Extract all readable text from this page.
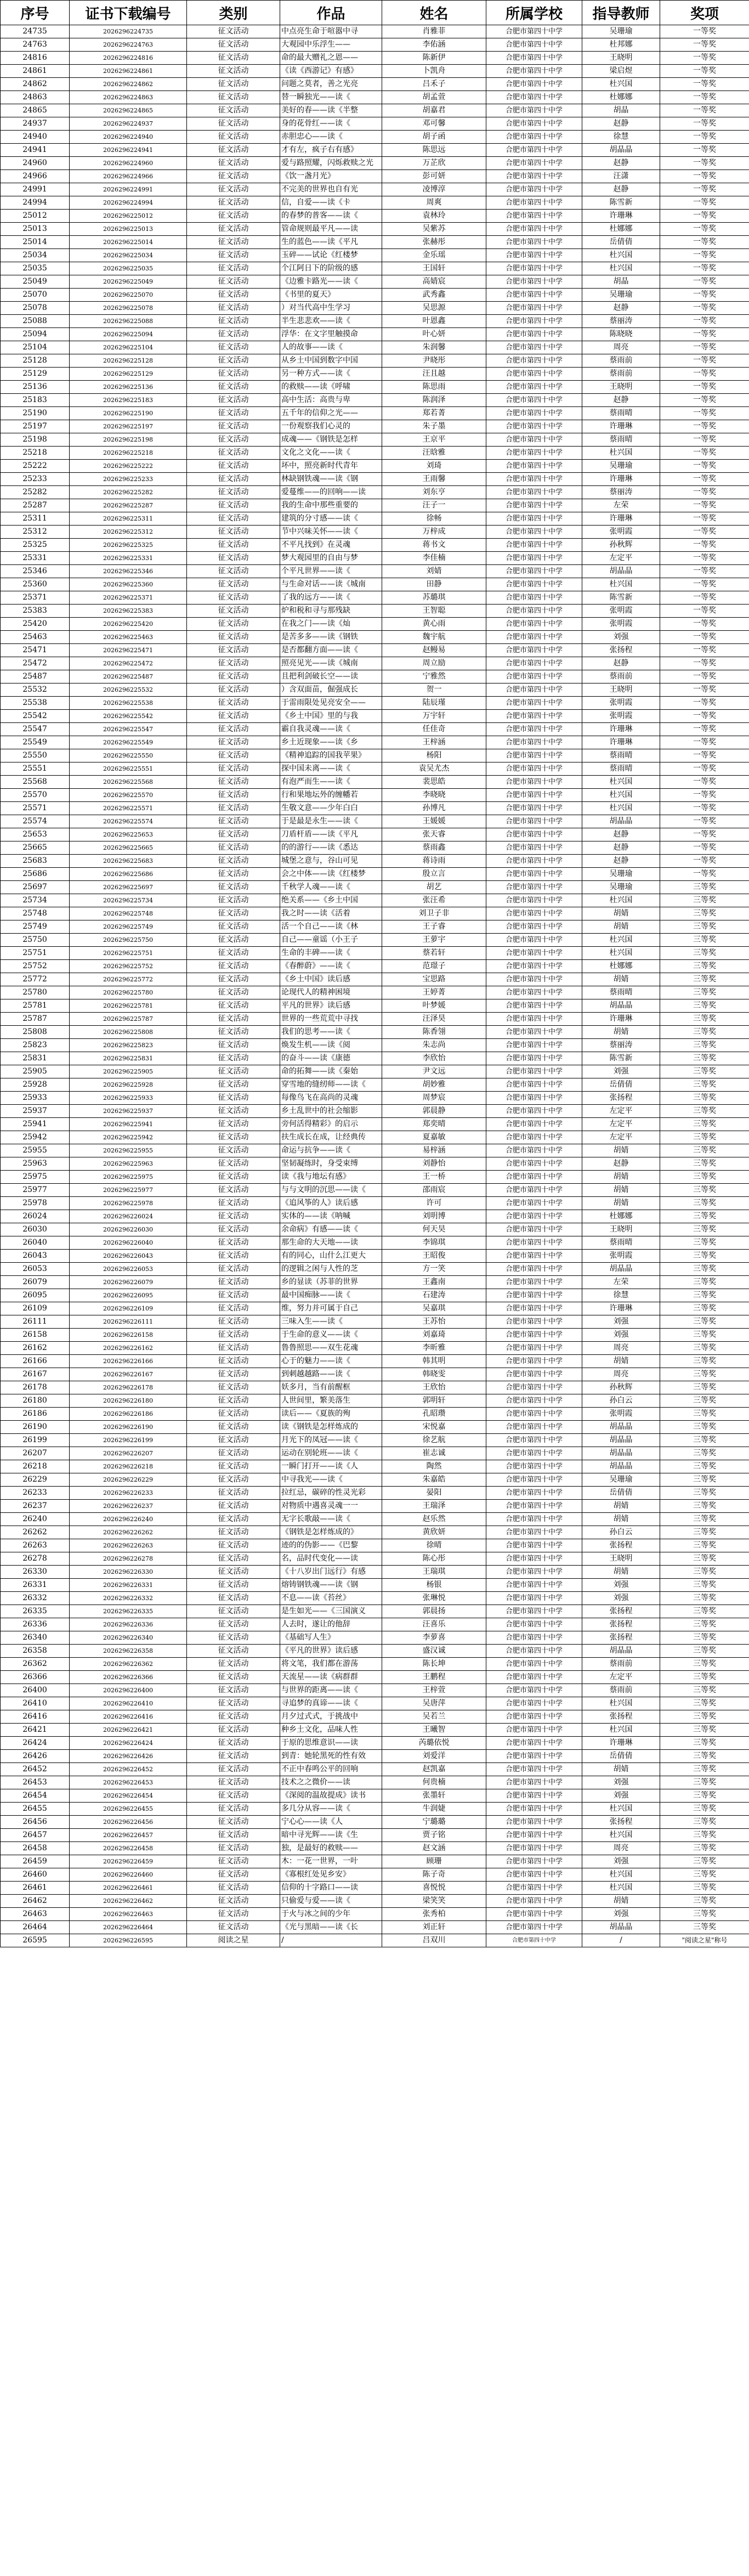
序号	证书下载编号	类别	作品	姓名	所属学校	指导教师	奖项
24735	2026296224735	征文活动	中点亮生命于喧嚣中寻	肖雅菲	合肥市第四十中学	吴珊瑜	一等奖
24763	2026296224763	征文活动	大观园中乐浮生——	李佑涵	合肥市第四十中学	杜邦娜	一等奖
24816	2026296224816	征文活动	命的最大赠礼之恩——	陈新伊	合肥市第四十中学	王晓明	一等奖
24861	2026296224861	征文活动	《读《西游记》有感》	卜凯舟	合肥市第四十中学	梁启煜	一等奖
24862	2026296224862	征文活动	问题之莫者，善之光亮	吕禾子	合肥市第四十中学	杜兴国	一等奖
24863	2026296224863	征文活动	替一瞬独光——读《	胡孟萱	合肥市第四十中学	杜娜娜	一等奖
24865	2026296224865	征文活动	美好的春——读《半整	胡嘉君	合肥市第四十中学	胡晶	一等奖
24937	2026296224937	征文活动	身的花骨红——读《	邓可馨	合肥市第四十中学	赵静	一等奖
24940	2026296224940	征文活动	赤胆忠心——读《	胡子函	合肥市第四十中学	徐慧	一等奖
24941	2026296224941	征文活动	才有左，疯子右有感》	陈思远	合肥市第四十中学	胡晶晶	一等奖
24960	2026296224960	征文活动	爱与路照耀，闪烁救赎之光	万芷欣	合肥市第四十中学	赵静	一等奖
24966	2026296224966	征文活动	《饮一盏月光》	彭可妍	合肥市第四十中学	汪潇	一等奖
24991	2026296224991	征文活动	不完美的世界也自有光	凌博淳	合肥市第四十中学	赵静	一等奖
24994	2026296224994	征文活动	信，自爱——读《卡	周爽	合肥市第四十中学	陈雪新	一等奖
25012	2026296225012	征文活动	的春梦的普客——读《	袁林玲	合肥市第四十中学	许珊琳	一等奖
25013	2026296225013	征文活动	管命规则最平凡——读	吴紫苏	合肥市第四十中学	杜娜娜	一等奖
25014	2026296225014	征文活动	生的蓝色——读《平凡	张赫彤	合肥市第四十中学	岳倩倩	一等奖
25034	2026296225034	征文活动	玉碎——试论《红楼梦	金乐瑶	合肥市第四十中学	杜兴国	一等奖
25035	2026296225035	征文活动	个江阿日下的阶级的感	王国轩	合肥市第四十中学	杜兴国	一等奖
25049	2026296225049	征文活动	《边雅卡路光——读《	高婧宸	合肥市第四十中学	胡晶	一等奖
25070	2026296225070	征文活动	《书里的夏天》	武秀鑫	合肥市第四十中学	吴珊瑜	一等奖
25078	2026296225078	征文活动	）对当代高中生学习	吴思源	合肥市第四十中学	赵静	一等奖
25088	2026296225088	征文活动	半生悲悲欢——读《	叶恩鑫	合肥市第四十中学	蔡丽涛	一等奖
25094	2026296225094	征文活动	浮华：在文字里触摸命	叶心妍	合肥市第四十中学	陈晓晓	一等奖
25104	2026296225104	征文活动	人的故事——读《	朱润馨	合肥市第四十中学	周亮	一等奖
25128	2026296225128	征文活动	从乡土中国到数字中国	尹晓彤	合肥市第四十中学	蔡雨前	一等奖
25129	2026296225129	征文活动	另一种方式——读《	汪且越	合肥市第四十中学	蔡雨前	一等奖
25136	2026296225136	征文活动	的救赎——读《呼啸	陈思雨	合肥市第四十中学	王晓明	一等奖
25183	2026296225183	征文活动	高中生活：高贵与卑	陈润泽	合肥市第四十中学	赵静	一等奖
25190	2026296225190	征文活动	五千年的信仰之光——	郑若菁	合肥市第四十中学	蔡雨晴	一等奖
25197	2026296225197	征文活动	一份观察我们心灵的	朱子墨	合肥市第四十中学	许珊琳	一等奖
25198	2026296225198	征文活动	成魂——《钢铁是怎样	王京平	合肥市第四十中学	蔡雨晴	一等奖
25218	2026296225218	征文活动	文化之文化——读《	汪晗雅	合肥市第四十中学	杜兴国	一等奖
25222	2026296225222	征文活动	坏中，照亮新时代青年	刘琦	合肥市第四十中学	吴珊瑜	一等奖
25233	2026296225233	征文活动	林缺钢铁魂——读《钢	王雨馨	合肥市第四十中学	许珊琳	一等奖
25282	2026296225282	征文活动	爱蔓维——的回响——读	刘东亨	合肥市第四十中学	蔡丽涛	一等奖
25287	2026296225287	征文活动	我的生命中那些重要的	汪子一	合肥市第四十中学	左荣	一等奖
25311	2026296225311	征文活动	建筑的分寸感——读《	徐畅	合肥市第四十中学	许珊琳	一等奖
25312	2026296225312	征文活动	节中兴味关怀——读《	万梓成	合肥市第四十中学	张明霞	一等奖
25325	2026296225325	征文活动	不平凡找到》在灵魂	蒋书文	合肥市第四十中学	孙秋辉	一等奖
25331	2026296225331	征文活动	梦大观园里的自由与梦	李佳楠	合肥市第四十中学	左定平	一等奖
25346	2026296225346	征文活动	个平凡世界——读《	刘婧	合肥市第四十中学	胡晶晶	一等奖
25360	2026296225360	征文活动	与生命对话——读《城南	田静	合肥市第四十中学	杜兴国	一等奖
25371	2026296225371	征文活动	了我的远方——读《	苏璐琪	合肥市第四十中学	陈雪新	一等奖
25383	2026296225383	征文活动	炉和税和寻与那残缺	王智聪	合肥市第四十中学	张明霞	一等奖
25420	2026296225420	征文活动	在我之门——读《灿	黄心雨	合肥市第四十中学	张明霞	一等奖
25463	2026296225463	征文活动	是苦多多——读《钢铁	魏宇航	合肥市第四十中学	刘强	一等奖
25471	2026296225471	征文活动	是否都翻方面——读《	赵鳗易	合肥市第四十中学	张扬程	一等奖
25472	2026296225472	征文活动	照亮见光——读《城南	周立励	合肥市第四十中学	赵静	一等奖
25487	2026296225487	征文活动	且把利剑破长空——读	宁雅然	合肥市第四十中学	蔡雨前	一等奖
25532	2026296225532	征文活动	）含双面苗，倔强成长	贺一	合肥市第四十中学	王晓明	一等奖
25538	2026296225538	征文活动	于雷雨限处见亮安全——	陆辰瑾	合肥市第四十中学	张明霞	一等奖
25542	2026296225542	征文活动	《乡土中国》里的与我	万宇轩	合肥市第四十中学	张明霞	一等奖
25547	2026296225547	征文活动	霸自我灵魂——读《	任佳奇	合肥市第四十中学	许珊琳	一等奖
25549	2026296225549	征文活动	乡土近现象——读《乡	王梓涵	合肥市第四十中学	许珊琳	一等奖
25550	2026296225550	征文活动	《精神追踪的国我苹果》	杨阳	合肥市第四十中学	蔡雨晴	一等奖
25551	2026296225551	征文活动	探中国未离——读《	袁吴尤杰	合肥市第四十中学	蔡雨晴	一等奖
25568	2026296225568	征文活动	有泡严而生——读《	裴思皓	合肥市第四十中学	杜兴国	一等奖
25570	2026296225570	征文活动	行和果地坛外的缠幡若	李晓晓	合肥市第四十中学	杜兴国	一等奖
25571	2026296225571	征文活动	生敬文意——少年白白	孙博凡	合肥市第四十中学	杜兴国	一等奖
25574	2026296225574	征文活动	于是最是永生——读《	王媛媛	合肥市第四十中学	胡晶晶	一等奖
25653	2026296225653	征文活动	刀盾杆盾——读《平凡	张天睿	合肥市第四十中学	赵静	一等奖
25665	2026296225665	征文活动	的的游行——读《悉达	蔡雨鑫	合肥市第四十中学	赵静	一等奖
25683	2026296225683	征文活动	城堡之意与，谷山可见	蒋诗雨	合肥市第四十中学	赵静	一等奖
25686	2026296225686	征文活动	会之中体——读《红楼梦	殷立言	合肥市第四十中学	吴珊瑜	一等奖
25697	2026296225697	征文活动	千秋学人魂——读《	胡艺	合肥市第四十中学	吴珊瑜	三等奖
25734	2026296225734	征文活动	绝关系——《乡土中国	张汪希	合肥市第四十中学	杜兴国	三等奖
25748	2026296225748	征文活动	我之时——读《活着	刘卫子非	合肥市第四十中学	胡婧	三等奖
25749	2026296225749	征文活动	活一个自己——读《林	王子睿	合肥市第四十中学	胡婧	三等奖
25750	2026296225750	征文活动	自己——童谣（小王子	王萝宇	合肥市第四十中学	杜兴国	三等奖
25751	2026296225751	征文活动	生命的丰碑——读《	蔡若轩	合肥市第四十中学	杜兴国	三等奖
25752	2026296225752	征文活动	《春醉蔚》——读《	范璟子	合肥市第四十中学	杜娜娜	三等奖
25772	2026296225772	征文活动	《乡土中国》读后感	宝思路	合肥市第四十中学	胡婧	三等奖
25780	2026296225780	征文活动	论现代人的精神困境	王婷菁	合肥市第四十中学	蔡雨晴	三等奖
25781	2026296225781	征文活动	平凡的世界》读后感	叶梦媛	合肥市第四十中学	胡晶晶	三等奖
25787	2026296225787	征文活动	世界的一些荒荒中寻找	汪泽昊	合肥市第四十中学	许珊琳	三等奖
25808	2026296225808	征文活动	我们的思考——读《	陈香翎	合肥市第四十中学	胡婧	三等奖
25823	2026296225823	征文活动	焕发生机——读《阅	朱志尚	合肥市第四十中学	蔡丽涛	三等奖
25831	2026296225831	征文活动	的奋斗——读《康德	李欣怡	合肥市第四十中学	陈雪新	三等奖
25905	2026296225905	征文活动	命的拓舞——读《秦始	尹文远	合肥市第四十中学	刘强	三等奖
25928	2026296225928	征文活动	穿雪地的缝纫师——读《	胡妙雅	合肥市第四十中学	岳倩倩	三等奖
25933	2026296225933	征文活动	每像鸟飞在高尚的灵魂	周梦宸	合肥市第四十中学	张扬程	三等奖
25937	2026296225937	征文活动	乡土乱世中的社会缩影	郭晨静	合肥市第四十中学	左定平	三等奖
25941	2026296225941	征文活动	旁何活得精彩》的启示	郑奕晴	合肥市第四十中学	左定平	三等奖
25942	2026296225942	征文活动	扶生成长在成，让经典传	夏嘉敏	合肥市第四十中学	左定平	三等奖
25955	2026296225955	征文活动	命运与抗争——读《	易梓涵	合肥市第四十中学	胡婧	三等奖
25963	2026296225963	征文活动	坚韧凝练时，身受束缚	刘静怡	合肥市第四十中学	赵静	三等奖
25975	2026296225975	征文活动	读《我与地坛有感》	王一桥	合肥市第四十中学	胡婧	三等奖
25977	2026296225977	征文活动	与与文明的沉思——读《	邵雨宸	合肥市第四十中学	胡婧	三等奖
25978	2026296225978	征文活动	《追风筝的人》读后感	许可	合肥市第四十中学	胡婧	三等奖
26024	2026296226024	征文活动	实体的——读《呐喊	刘明博	合肥市第四十中学	杜娜娜	三等奖
26030	2026296226030	征文活动	余命病》有感——读《	何天昊	合肥市第四十中学	王晓明	三等奖
26040	2026296226040	征文活动	那生命的大天地——读	李锦琪	合肥市第四十中学	蔡雨晴	三等奖
26043	2026296226043	征文活动	有的同心，山什么江更大	王昭俊	合肥市第四十中学	张明霞	三等奖
26053	2026296226053	征文活动	的逻辑之闲与人性的芝	方一笑	合肥市第四十中学	胡晶晶	三等奖
26079	2026296226079	征文活动	乡的显读（苏菲的世界	王鑫南	合肥市第四十中学	左荣	三等奖
26095	2026296226095	征文活动	最中国痴脉——读《	石建涛	合肥市第四十中学	徐慧	三等奖
26109	2026296226109	征文活动	维，努力并可属于自己	吴嘉琪	合肥市第四十中学	许珊琳	三等奖
26111	2026296226111	征文活动	三味入生——读《	王苏怡	合肥市第四十中学	刘强	三等奖
26158	2026296226158	征文活动	于生命的意义——读《	刘嘉琦	合肥市第四十中学	刘强	三等奖
26162	2026296226162	征文活动	鲁鲁照思——双生花魂	李昕雅	合肥市第四十中学	周亮	三等奖
26166	2026296226166	征文活动	心于的魅力——读《	韩其明	合肥市第四十中学	胡婧	三等奖
26167	2026296226167	征文活动	到刺越越路——读《	韩晓雯	合肥市第四十中学	周亮	三等奖
26178	2026296226178	征文活动	妖多月，当有前醒框	王欣怡	合肥市第四十中学	孙秋辉	三等奖
26180	2026296226180	征文活动	人世间里，繁美落生	郭明轩	合肥市第四十中学	孙白云	三等奖
26186	2026296226186	征文活动	读后——《夏族的殉	孔昭瓒	合肥市第四十中学	张明霞	三等奖
26190	2026296226190	征文活动	读《钢铁是怎样炼成的	宋悦嘉	合肥市第四十中学	胡晶晶	三等奖
26199	2026296226199	征文活动	月光下的凤冠——读《	徐艺航	合肥市第四十中学	胡晶晶	三等奖
26207	2026296226207	征文活动	运动在别轮班——读《	崔志诚	合肥市第四十中学	胡晶晶	三等奖
26218	2026296226218	征文活动	一瞬门打开——读《人	陶然	合肥市第四十中学	胡晶晶	三等奖
26229	2026296226229	征文活动	中寻我光——读《	朱嘉皓	合肥市第四十中学	吴珊瑜	三等奖
26233	2026296226233	征文活动	拉红忌，碳碎的性灵光彩	晏阳	合肥市第四十中学	岳倩倩	三等奖
26237	2026296226237	征文活动	对物质中遇喜灵魂一一	王瑞泽	合肥市第四十中学	胡婧	三等奖
26240	2026296226240	征文活动	无字长歌敲——读《	赵乐然	合肥市第四十中学	胡婧	三等奖
26262	2026296226262	征文活动	《钢铁是怎样炼成的》	黄欣妍	合肥市第四十中学	孙白云	三等奖
26263	2026296226263	征文活动	迹的的伪影——《巴黎	徐晴	合肥市第四十中学	张扬程	三等奖
26278	2026296226278	征文活动	名，品时代变化——读	陈心彤	合肥市第四十中学	王晓明	三等奖
26330	2026296226330	征文活动	《十八岁出门远行》有感	王瑞琪	合肥市第四十中学	胡婧	三等奖
26331	2026296226331	征文活动	熔铸钢铁魂——读《钢	杨银	合肥市第四十中学	刘强	三等奖
26332	2026296226332	征文活动	不息——读《苔丝》	张琳悦	合肥市第四十中学	刘强	三等奖
26335	2026296226335	征文活动	是生如光——《三国演义	郭晨扬	合肥市第四十中学	张扬程	三等奖
26336	2026296226336	征文活动	人去时，遂让的他辞	汪喜乐	合肥市第四十中学	张扬程	三等奖
26340	2026296226340	征文活动	《基础写人生》	李萝喜	合肥市第四十中学	张扬程	三等奖
26358	2026296226358	征文活动	《平凡的世界》读后感	盛汉诚	合肥市第四十中学	胡晶晶	三等奖
26362	2026296226362	征文活动	将文笔，我们都在游荡	陈长坤	合肥市第四十中学	蔡雨前	三等奖
26366	2026296226366	征文活动	天流星——读《病群群	王鹏程	合肥市第四十中学	左定平	三等奖
26400	2026296226400	征文活动	与世界的距离——读《	王梓萱	合肥市第四十中学	蔡雨前	三等奖
26410	2026296226410	征文活动	寻追梦的真谛——读《	吴唐萍	合肥市第四十中学	杜兴国	三等奖
26416	2026296226416	征文活动	月夕过式式，于挑战中	吴若兰	合肥市第四十中学	张扬程	三等奖
26421	2026296226421	征文活动	种乡土文化，品味人性	王曦智	合肥市第四十中学	杜兴国	三等奖
26424	2026296226424	征文活动	于原的思维意识——读	芮璐依悦	合肥市第四十中学	许珊琳	三等奖
26426	2026296226426	征文活动	到青：她轮黑死的性有效	刘爱洋	合肥市第四十中学	岳倩倩	三等奖
26452	2026296226452	征文活动	不正中春鸣公平的回响	赵凯嘉	合肥市第四十中学	胡婧	三等奖
26453	2026296226453	征文活动	技术之之微价——读	何贵楠	合肥市第四十中学	刘强	三等奖
26454	2026296226454	征文活动	《深阅的温故提成》读书	张墨轩	合肥市第四十中学	刘强	三等奖
26455	2026296226455	征文活动	多几分从容——读《	牛润婕	合肥市第四十中学	杜兴国	三等奖
26456	2026296226456	征文活动	宁心心——读《人	宁璐璐	合肥市第四十中学	张扬程	三等奖
26457	2026296226457	征文活动	暗中寻光辉——读《生	贾子铭	合肥市第四十中学	杜兴国	三等奖
26458	2026296226458	征文活动	独，是最好的救赎——	赵文涵	合肥市第四十中学	周亮	三等奖
26459	2026296226459	征文活动	木：一花一世界，一叶	顾珊	合肥市第四十中学	刘强	三等奖
26460	2026296226460	征文活动	《寡根红处见乡安》	陈子奇	合肥市第四十中学	杜兴国	三等奖
26461	2026296226461	征文活动	信仰的十字路口——读	喜悦悦	合肥市第四十中学	杜兴国	三等奖
26462	2026296226462	征文活动	只偷爱与爱——读《	梁笑笑	合肥市第四十中学	胡婧	三等奖
26463	2026296226463	征文活动	于火与冰之间的少年	张秀柏	合肥市第四十中学	刘强	三等奖
26464	2026296226464	征文活动	《光与黑暗——读《长	刘正轩	合肥市第四十中学	胡晶晶	三等奖
26595	2026296226595	阅读之星	/	吕双川	合肥市第四十中学	/	"阅读之星"称号
